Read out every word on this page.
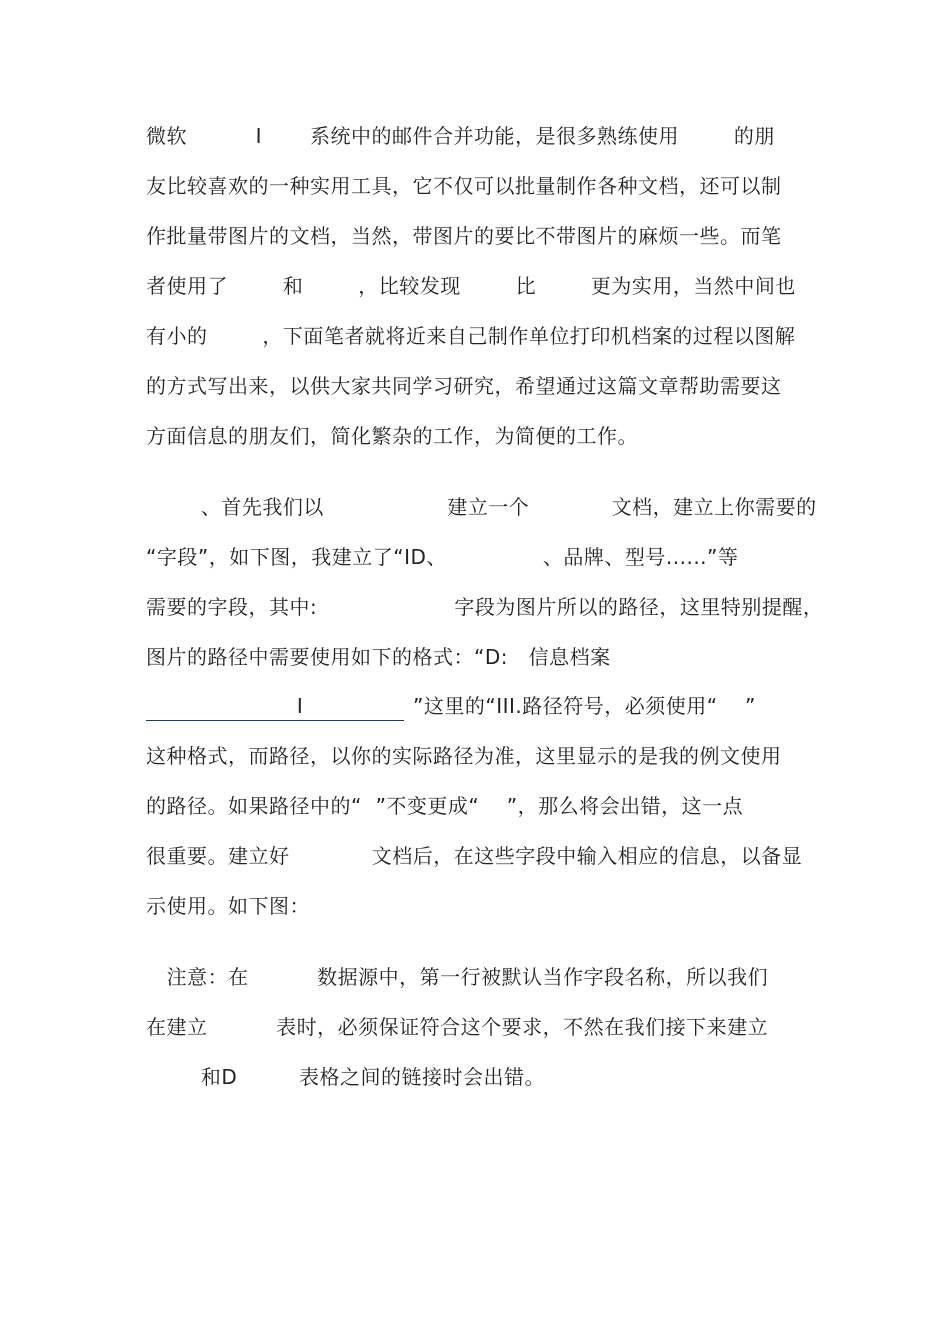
微软          I       系统中的邮件合并功能，是很多熟练使用        的朋
友比较喜欢的一种实用工具，它不仅可以批量制作各种文档，还可以制
作批量带图片的文档，当然，带图片的要比不带图片的麻烦一些。而笔
者使用了        和        ，比较发现        比        更为实用，当然中间也
有小的        ，下面笔者就将近来自己制作单位打印机档案的过程以图解
的方式写出来，以供大家共同学习研究，希望通过这篇文章帮助需要这
方面信息的朋友们，简化繁杂的工作，为简便的工作。
、首先我们以                  建立一个            文档，建立上你需要的
“字段”，如下图，我建立了“ID、              、品牌、型号......”等
需要的字段，其中:                    字段为图片所以的路径，这里特别提醒，
图片的路径中需要使用如下的格式：“D:   信息档案
I                ”这里的“III.路径符号，必须使用“    ”
这种格式，而路径，以你的实际路径为准，这里显示的是我的例文使用
的路径。如果路径中的“  ”不变更成“    ”，那么将会出错，这一点
很重要。建立好            文档后，在这些字段中输入相应的信息，以备显
示使用。如下图：
注意：在          数据源中，第一行被默认当作字段名称，所以我们
在建立          表时，必须保证符合这个要求，不然在我们接下来建立
和D         表格之间的链接时会出错。
